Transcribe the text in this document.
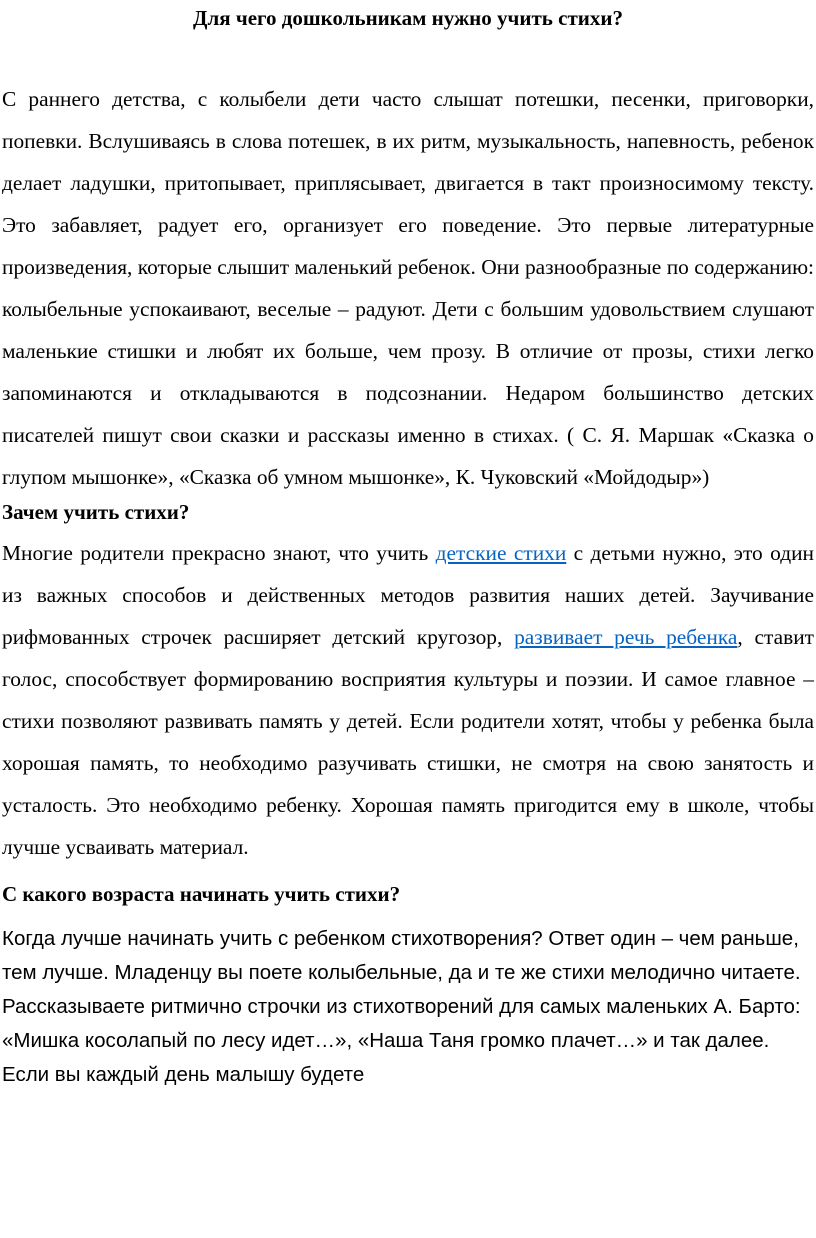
Для чего дошкольникам нужно учить стихи?

С раннего детства, с колыбели дети часто слышат потешки, песенки, приговорки, попевки. Вслушиваясь в слова потешек, в их ритм, музыкальность, напевность, ребенок делает ладушки, притопывает, приплясывает, двигается в такт произносимому тексту. Это забавляет, радует его, организует его поведение. Это первые литературные произведения, которые слышит маленький ребенок. Они разнообразные по содержанию: колыбельные успокаивают, веселые – радуют. Дети с большим удовольствием слушают маленькие стишки и любят их больше, чем прозу. В отличие от прозы, стихи легко запоминаются и откладываются в подсознании. Недаром большинство детских писателей пишут свои сказки и рассказы именно в стихах. ( С. Я. Маршак «Сказка о глупом мышонке», «Сказка об умном мышонке», К. Чуковский «Мойдодыр»)

Зачем учить стихи?

Многие родители прекрасно знают, что учить детские стихи с детьми нужно, это один из важных способов и действенных методов развития наших детей. Заучивание рифмованных строчек расширяет детский кругозор, развивает речь ребенка, ставит голос, способствует формированию восприятия культуры и поэзии. И самое главное – стихи позволяют развивать память у детей. Если родители хотят, чтобы у ребенка была хорошая память, то необходимо разучивать стишки, не смотря на свою занятость и усталость. Это необходимо ребенку. Хорошая память пригодится ему в школе, чтобы лучше усваивать материал.

С какого возраста начинать учить стихи?

Когда лучше начинать учить с ребенком стихотворения? Ответ один – чем раньше, тем лучше. Младенцу вы поете колыбельные, да и те же стихи мелодично читаете. Рассказываете ритмично строчки из стихотворений для самых маленьких А. Барто: «Мишка косолапый по лесу идет…», «Наша Таня громко плачет…» и так далее. Если вы каждый день малышу будете
